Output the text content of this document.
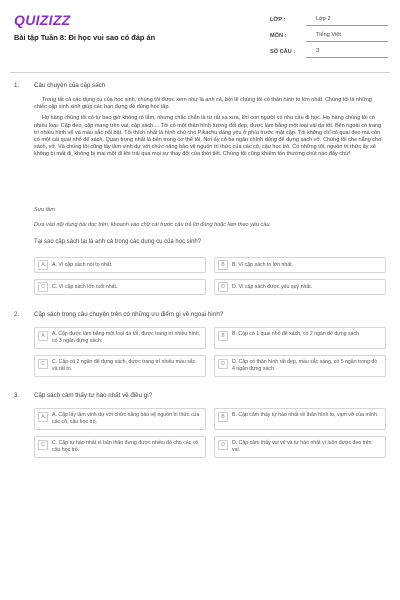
QUIZIZZ
Bài tập Tuần 8: Đi học vui sao có đáp án
LỚP :	Lớp 2
MÔN :	Tiếng Việt
SỐ CÂU :	3
1. Câu chuyện của cặp sách

Trong tất cả các dụng cụ của học sinh, chúng tôi được xem như là anh cả, bởi lẽ chúng tôi có thân hình to lớn nhất. Chúng tôi là những chiếc cặp xinh xinh giúp các bạn đựng đồ dùng học tập.

Họ hàng chúng tôi có tự bao giờ không rõ lắm, nhưng chắc chắn là từ rất xa xưa, khi con người có nhu cầu đi học. Họ hàng chúng tôi có nhiều loại: Cặp đeo, cặp mang trên vai, cặp sách.... Tôi có một thân hình tương đối đẹp, được làm bằng một loại vải da tốt. Bên ngoài có trang trí nhiều hình vẽ và màu sắc nổi bật. Tôi thích nhất là hình chú chó Pikachu đáng yêu ở phía trước mặt cặp. Tôi không chỉ có quai đeo mà còn có một cái quai nhỏ để xách. Quan trọng nhất là bên trong cơ thể tôi. Nơi ấy có ba ngăn chính dùng để đựng sách vở. Chúng tôi che nắng cho sách, vở. Và chúng tôi cũng lấy làm vinh dự với chức năng bảo vệ nguồn tri thức của các cô, cậu học trò. Có những tôi, nguồn tri thức ấy sẽ không bị mất đi, không bị mai một đi khi trải qua mọi sự thay đổi của thời tiết. Chúng tôi cũng khiêm tốn thường chút nào đấy chứ!

Sưu tầm
Dựa vào nội dung bài đọc trên, khoanh vào chữ cái trước câu trả lời đúng hoặc làm theo yêu cầu.
Tại sao cặp sách lại là anh cả trong các dụng cụ của học sinh?
A	A. Vì cặp sách nói to nhất.	B	B. Vì cặp sách to lớn nhất.
C	C. Vì cặp sách lớn tuổi nhất.	D	D. Vì cặp sách được yêu quý nhất.
2. Cặp sách trong câu chuyện trên có những ưu điểm gì về ngoại hình?
A	A. Cặp được làm bằng một loại da tốt, được trang trí nhiều hình, có 3 ngăn đựng sách.
B	B. Cặp có 1 quai nhỏ để xách, có 2 ngăn để đựng sách.
C	C. Cặp có 2 ngăn để đựng sách, được trang trí nhiều màu sắc và rất to.
D	D. Cặp có thân hình rất đẹp, màu sắc sáng, có 5 ngăn trong đó 4 ngăn đựng sách.
3. Cặp sách cảm thấy tự hào nhất về điều gì?
A	A. Cặp lấy làm vinh dự với chức năng bảo vệ nguồn tri thức của các cô, cậu học trò.
B	B. Cặp cảm thấy tự hào nhất về thân hình to, vạm vỡ của mình.
C	C. Cặp tự hào nhất vì bản thân đựng được nhiều đồ cho các cô cậu học trò.
D	D. Cặp cảm thấy vui vẻ và tự hào nhất vì luôn được đeo trên vai.
